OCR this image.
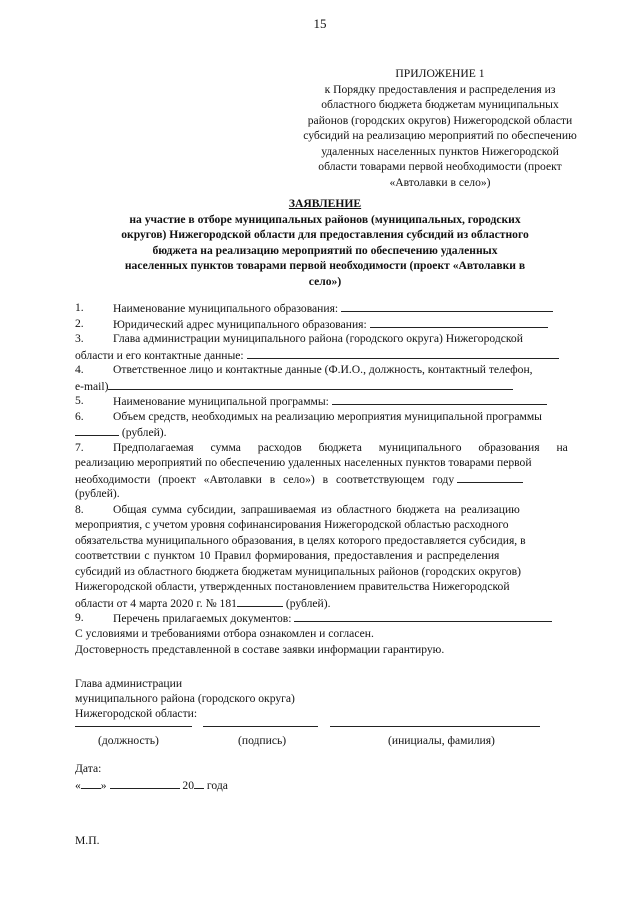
15
ПРИЛОЖЕНИЕ 1
к Порядку предоставления и распределения из
областного бюджета бюджетам муниципальных
районов (городских округов) Нижегородской области
субсидий на реализацию мероприятий по обеспечению
удаленных населенных пунктов Нижегородской
области товарами первой необходимости (проект
«Автолавки в село»)
ЗАЯВЛЕНИЕ
на участие в отборе муниципальных районов (муниципальных, городских
округов) Нижегородской области для предоставления субсидий из областного
бюджета на реализацию мероприятий по обеспечению удаленных
населенных пунктов товарами первой необходимости (проект «Автолавки в
село»)
1.	Наименование муниципального образования:
2.	Юридический адрес муниципального образования:
3.	Глава администрации муниципального района (городского округа) Нижегородской
области и его контактные данные:
4.	Ответственное лицо и контактные данные (Ф.И.О., должность, контактный телефон,
e-mail)
5.	Наименование муниципальной программы:
6.	Объем средств, необходимых на реализацию мероприятия муниципальной программы
(рублей).
7.	Предполагаемая сумма расходов бюджета муниципального образования на
реализацию мероприятий по обеспечению удаленных населенных пунктов товарами первой
необходимости (проект «Автолавки в село») в соответствующем году
(рублей).
8.	Общая сумма субсидии, запрашиваемая из областного бюджета на реализацию
мероприятия, с учетом уровня софинансирования Нижегородской областью расходного
обязательства муниципального образования, в целях которого предоставляется субсидия, в
соответствии с пунктом 10 Правил формирования, предоставления и распределения
субсидий из областного бюджета бюджетам муниципальных районов (городских округов)
Нижегородской области, утвержденных постановлением правительства Нижегородской
области от 4 марта 2020 г. № 181	(рублей).
9.	Перечень прилагаемых документов:
С условиями и требованиями отбора ознакомлен и согласен.
Достоверность представленной в составе заявки информации гарантирую.
Глава администрации
муниципального района (городского округа)
Нижегородской области:
(должность)	(подпись)	(инициалы, фамилия)
Дата:
« »	20 года
М.П.
